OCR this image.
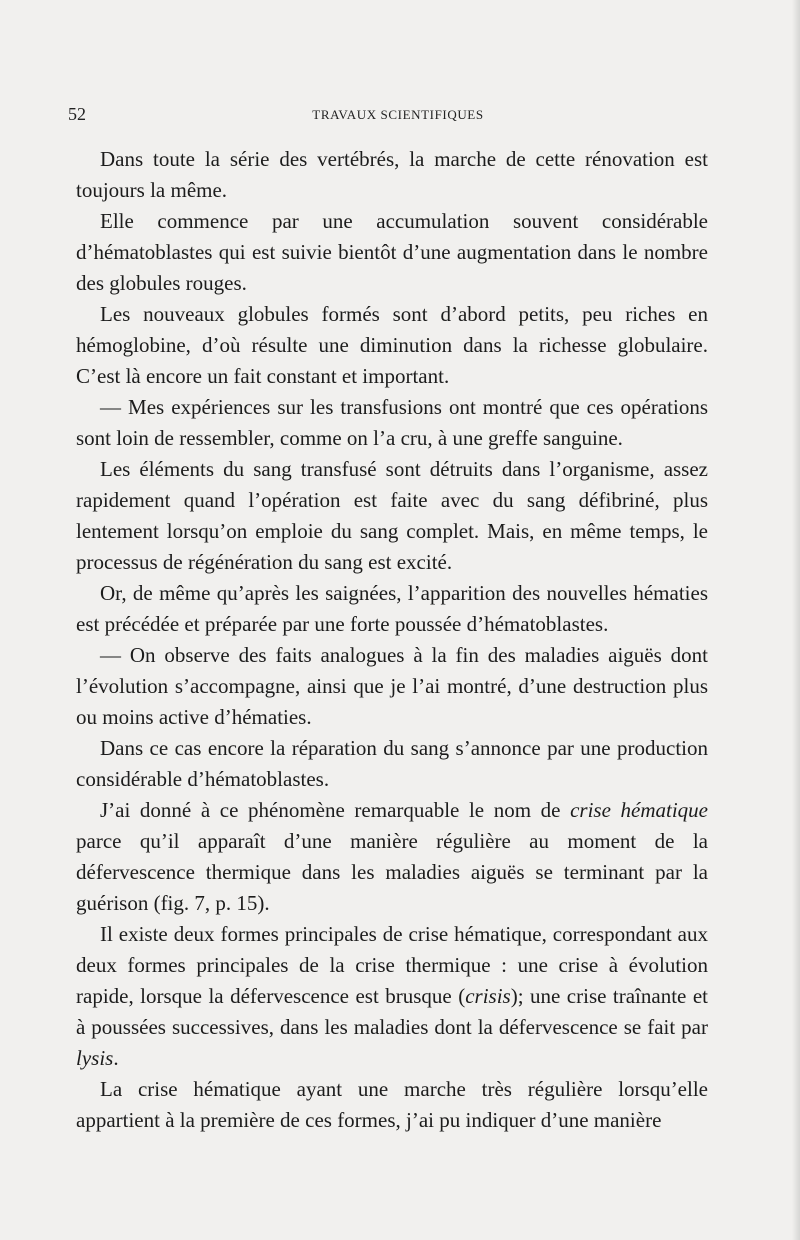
52	TRAVAUX SCIENTIFIQUES

Dans toute la série des vertébrés, la marche de cette rénovation est toujours la même.

Elle commence par une accumulation souvent considérable d’hématoblastes qui est suivie bientôt d’une augmentation dans le nombre des globules rouges.

Les nouveaux globules formés sont d’abord petits, peu riches en hémoglobine, d’où résulte une diminution dans la richesse globulaire. C’est là encore un fait constant et important.

— Mes expériences sur les transfusions ont montré que ces opérations sont loin de ressembler, comme on l’a cru, à une greffe sanguine.

Les éléments du sang transfusé sont détruits dans l’organisme, assez rapidement quand l’opération est faite avec du sang défibriné, plus lentement lorsqu’on emploie du sang complet. Mais, en même temps, le processus de régénération du sang est excité.

Or, de même qu’après les saignées, l’apparition des nouvelles hématies est précédée et préparée par une forte poussée d’hématoblastes.

— On observe des faits analogues à la fin des maladies aiguës dont l’évolution s’accompagne, ainsi que je l’ai montré, d’une destruction plus ou moins active d’hématies.

Dans ce cas encore la réparation du sang s’annonce par une production considérable d’hématoblastes.

J’ai donné à ce phénomène remarquable le nom de crise hématique parce qu’il apparaît d’une manière régulière au moment de la défervescence thermique dans les maladies aiguës se terminant par la guérison (fig. 7, p. 15).

Il existe deux formes principales de crise hématique, correspondant aux deux formes principales de la crise thermique : une crise à évolution rapide, lorsque la défervescence est brusque (crisis); une crise traînante et à poussées successives, dans les maladies dont la défervescence se fait par lysis.

La crise hématique ayant une marche très régulière lorsqu’elle appartient à la première de ces formes, j’ai pu indiquer d’une manière
